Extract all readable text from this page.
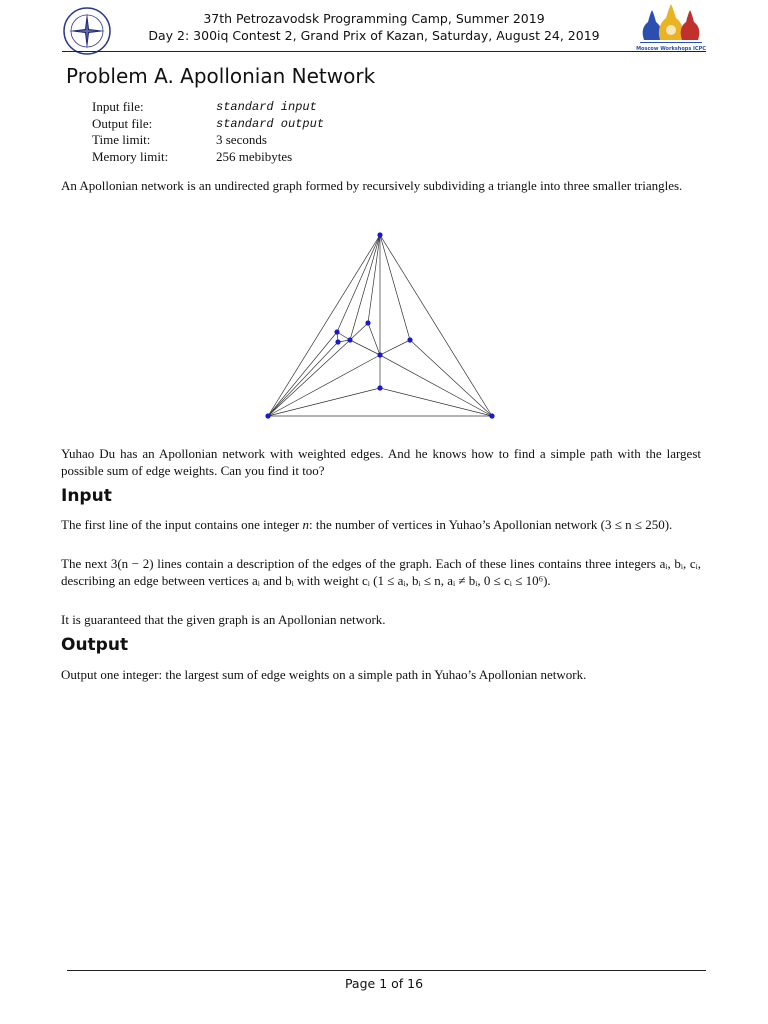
37th Petrozavodsk Programming Camp, Summer 2019
Day 2: 300iq Contest 2, Grand Prix of Kazan, Saturday, August 24, 2019
Moscow Workshops ICPC
Problem A. Apollonian Network
Input file:	standard input
Output file:	standard output
Time limit:	3 seconds
Memory limit:	256 mebibytes

An Apollonian network is an undirected graph formed by recursively subdividing a triangle into three smaller triangles.

Yuhao Du has an Apollonian network with weighted edges. And he knows how to find a simple path with the largest possible sum of edge weights. Can you find it too?

Input

The first line of the input contains one integer n: the number of vertices in Yuhao’s Apollonian network (3 ≤ n ≤ 250).

The next 3(n − 2) lines contain a description of the edges of the graph. Each of these lines contains three integers aᵢ, bᵢ, cᵢ, describing an edge between vertices aᵢ and bᵢ with weight cᵢ (1 ≤ aᵢ, bᵢ ≤ n, aᵢ ≠ bᵢ, 0 ≤ cᵢ ≤ 10⁶).

It is guaranteed that the given graph is an Apollonian network.

Output

Output one integer: the largest sum of edge weights on a simple path in Yuhao’s Apollonian network.

Page 1 of 16
